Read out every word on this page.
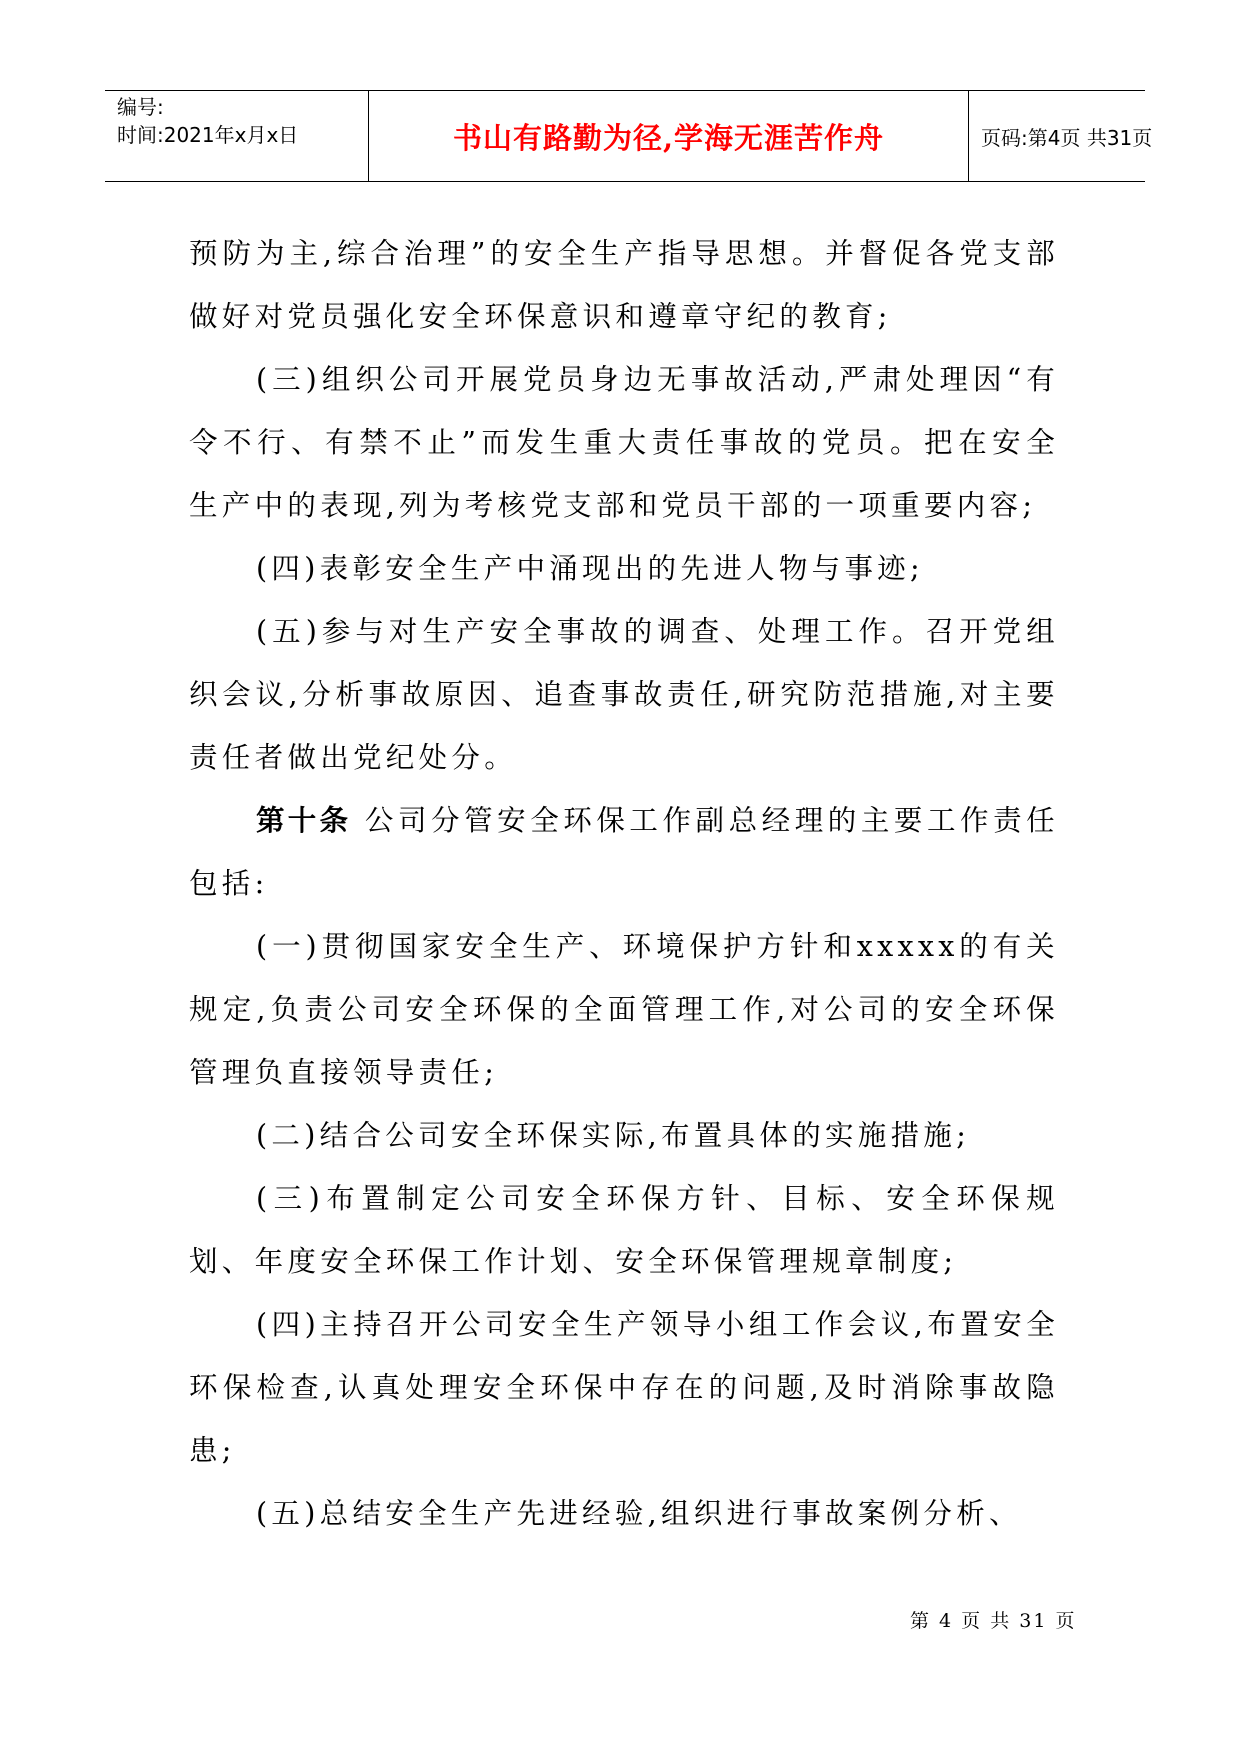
编号:
时间:2021年x月x日	书山有路勤为径,学海无涯苦作舟	页码:第4页 共31页

预防为主,综合治理”的安全生产指导思想。并督促各党支部做好对党员强化安全环保意识和遵章守纪的教育;

(三)组织公司开展党员身边无事故活动,严肃处理因“有令不行、有禁不止”而发生重大责任事故的党员。把在安全生产中的表现,列为考核党支部和党员干部的一项重要内容;

(四)表彰安全生产中涌现出的先进人物与事迹;

(五)参与对生产安全事故的调查、处理工作。召开党组织会议,分析事故原因、追查事故责任,研究防范措施,对主要责任者做出党纪处分。

第十条 公司分管安全环保工作副总经理的主要工作责任包括:

(一)贯彻国家安全生产、环境保护方针和xxxxx的有关规定,负责公司安全环保的全面管理工作,对公司的安全环保管理负直接领导责任;

(二)结合公司安全环保实际,布置具体的实施措施;

(三)布置制定公司安全环保方针、目标、安全环保规划、年度安全环保工作计划、安全环保管理规章制度;

(四)主持召开公司安全生产领导小组工作会议,布置安全环保检查,认真处理安全环保中存在的问题,及时消除事故隐患;

(五)总结安全生产先进经验,组织进行事故案例分析、

第 4 页 共 31 页
